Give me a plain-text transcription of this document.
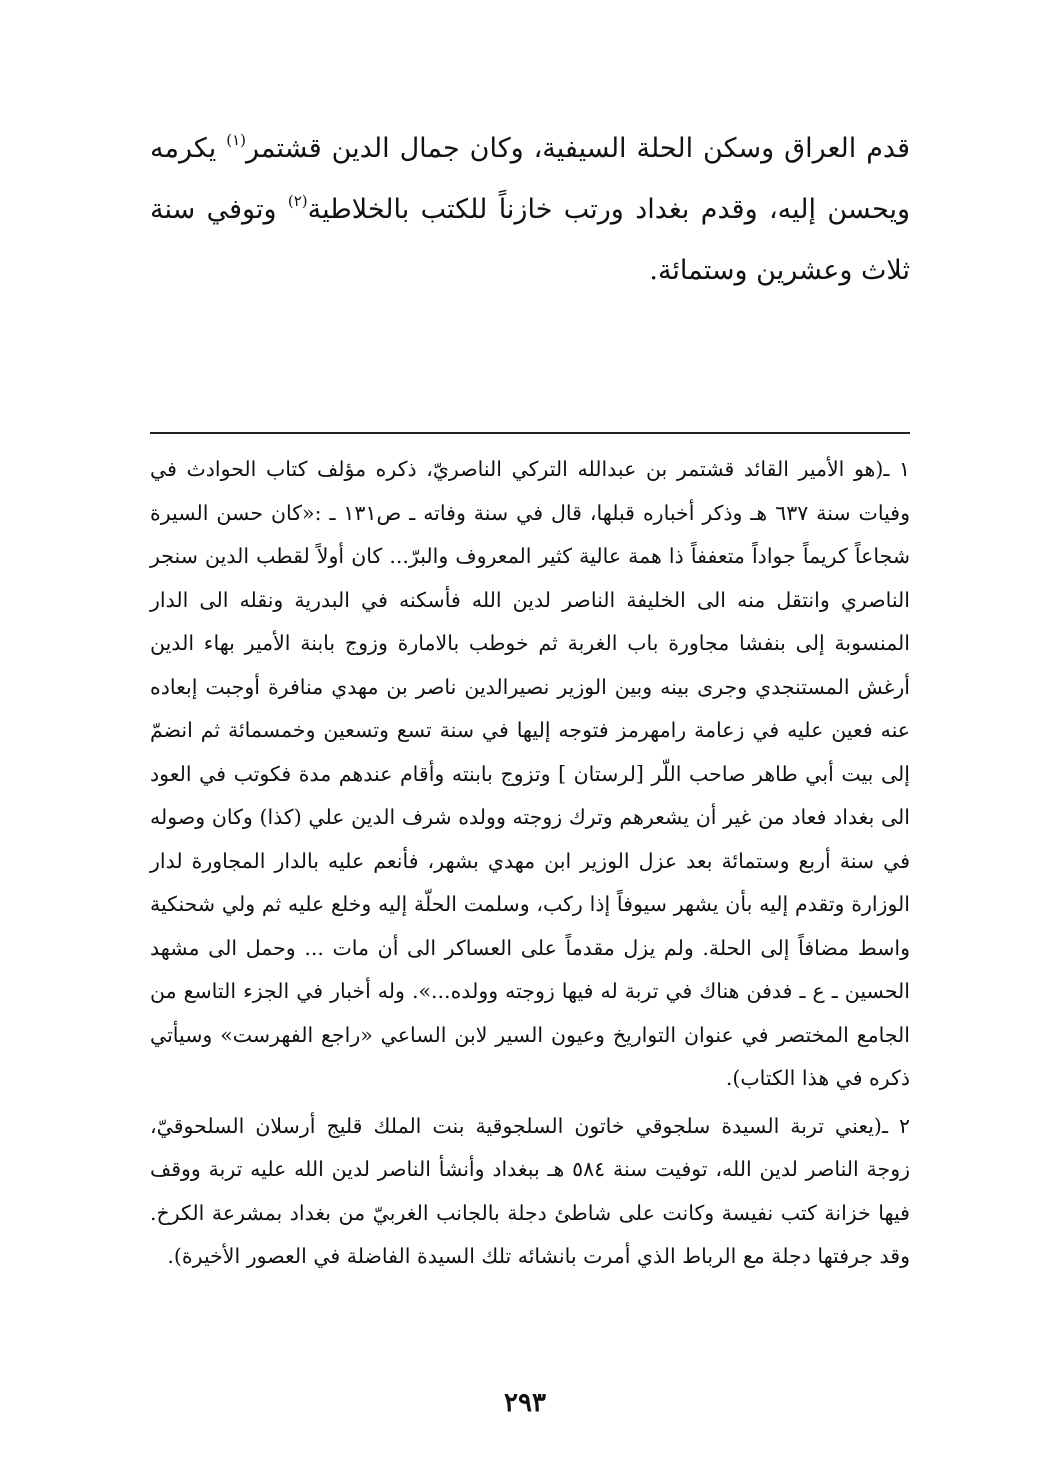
قدم العراق وسكن الحلة السيفية، وكان جمال الدين قشتمر$^{(١)}$ يكرمه ويحسن إليه، وقدم بغداد ورتب خازناً للكتب بالخلاطية$^{(٢)}$ وتوفي سنة ثلاث وعشرين وستمائة.

١ ـ(هو الأمير القائد قشتمر بن عبدالله التركي الناصريّ، ذكره مؤلف كتاب الحوادث في وفيات سنة ٦٣٧ هـ وذكر أخباره قبلها، قال في سنة وفاته ـ ص١٣١ ـ :«كان حسن السيرة شجاعاً كريماً جواداً متعففاً ذا همة عالية كثير المعروف والبرّ... كان أولاً لقطب الدين سنجر الناصري وانتقل منه الى الخليفة الناصر لدين الله فأسكنه في البدرية ونقله الى الدار المنسوبة إلى بنفشا مجاورة باب الغربة ثم خوطب بالامارة وزوج بابنة الأمير بهاء الدين أرغش المستنجدي وجرى بينه وبين الوزير نصيرالدين ناصر بن مهدي منافرة أوجبت إبعاده عنه فعين عليه في زعامة رامهرمز فتوجه إليها في سنة تسع وتسعين وخمسمائة ثم انضمّ إلى بيت أبي طاهر صاحب اللّر [لرستان ] وتزوج بابنته وأقام عندهم مدة فكوتب في العود الى بغداد فعاد من غير أن يشعرهم وترك زوجته وولده شرف الدين علي (كذا) وكان وصوله في سنة أربع وستمائة بعد عزل الوزير ابن مهدي بشهر، فأنعم عليه بالدار المجاورة لدار الوزارة وتقدم إليه بأن يشهر سيوفاً إذا ركب، وسلمت الحلّة إليه وخلع عليه ثم ولي شحنكية واسط مضافاً إلى الحلة. ولم يزل مقدماً على العساكر الى أن مات ... وحمل الى مشهد الحسين ـ ع ـ فدفن هناك في تربة له فيها زوجته وولده...». وله أخبار في الجزء التاسع من الجامع المختصر في عنوان التواريخ وعيون السير لابن الساعي «راجع الفهرست» وسيأتي ذكره في هذا الكتاب).

٢ ـ(يعني تربة السيدة سلجوقي خاتون السلجوقية بنت الملك قليج أرسلان السلحوقيّ، زوجة الناصر لدين الله، توفيت سنة ٥٨٤ هـ ببغداد وأنشأ الناصر لدين الله عليه تربة ووقف فيها خزانة كتب نفيسة وكانت على شاطئ دجلة بالجانب الغربيّ من بغداد بمشرعة الكرخ. وقد جرفتها دجلة مع الرباط الذي أمرت بانشائه تلك السيدة الفاضلة في العصور الأخيرة).

٢٩٣
